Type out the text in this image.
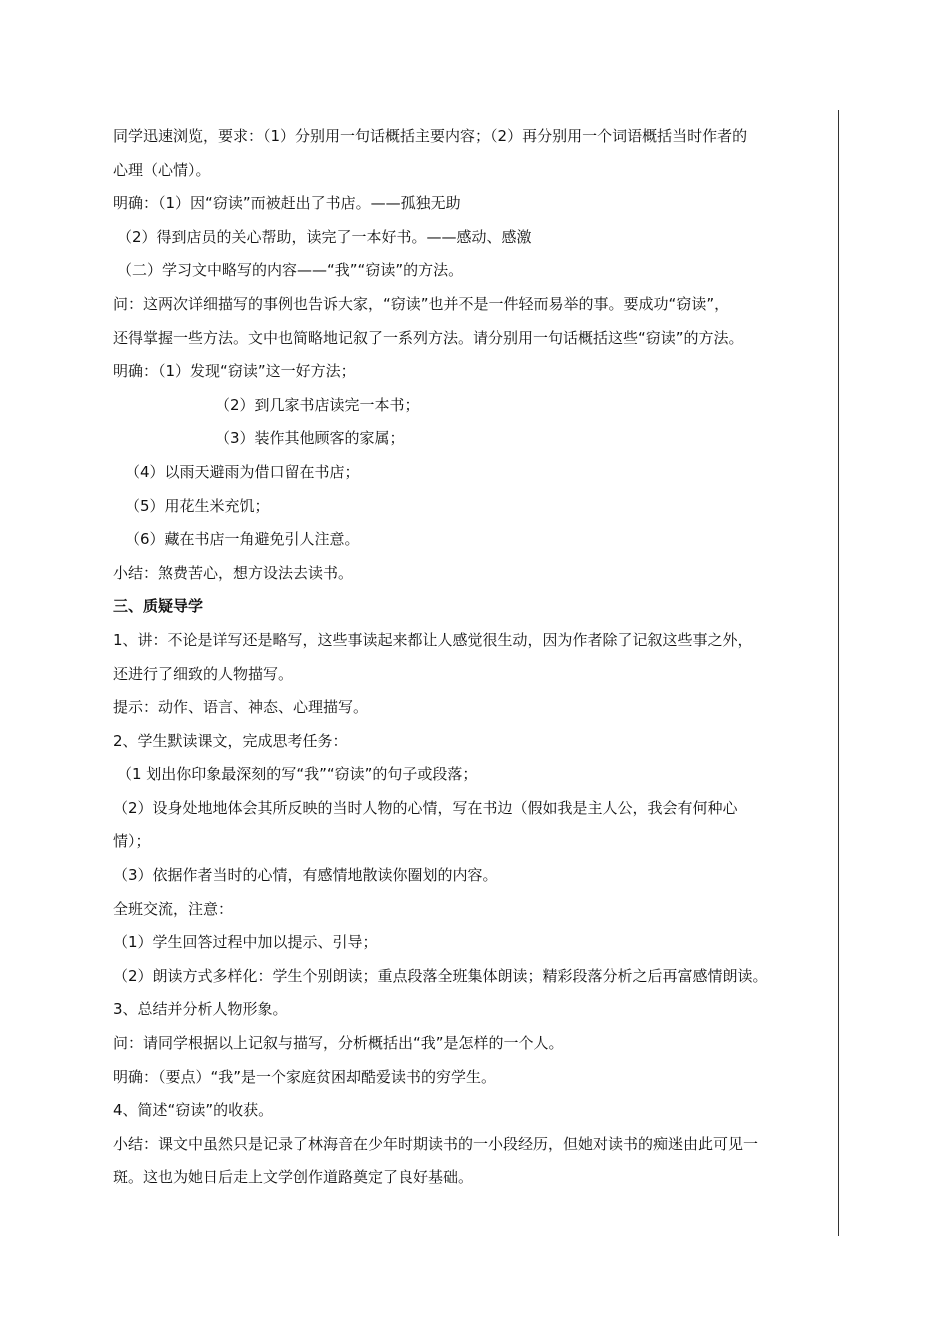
同学迅速浏览，要求：（1）分别用一句话概括主要内容；（2）再分别用一个词语概括当时作者的
心理（心情）。
明确：（1）因“窃读”而被赶出了书店。——孤独无助
（2）得到店员的关心帮助，读完了一本好书。——感动、感激
（二）学习文中略写的内容——“我”“窃读”的方法。
问：这两次详细描写的事例也告诉大家，“窃读”也并不是一件轻而易举的事。要成功“窃读”，
还得掌握一些方法。文中也简略地记叙了一系列方法。请分别用一句话概括这些“窃读”的方法。
明确：（1）发现“窃读”这一好方法；
（2）到几家书店读完一本书；
（3）装作其他顾客的家属；
（4）以雨天避雨为借口留在书店；
（5）用花生米充饥；
（6）藏在书店一角避免引人注意。
小结：煞费苦心，想方设法去读书。
三、质疑导学
1、讲：不论是详写还是略写，这些事读起来都让人感觉很生动，因为作者除了记叙这些事之外，
还进行了细致的人物描写。
提示：动作、语言、神态、心理描写。
2、学生默读课文，完成思考任务：
（1 划出你印象最深刻的写“我”“窃读”的句子或段落；
（2）设身处地地体会其所反映的当时人物的心情，写在书边（假如我是主人公，我会有何种心
情）；
（3）依据作者当时的心情，有感情地散读你圈划的内容。
全班交流，注意：
（1）学生回答过程中加以提示、引导；
（2）朗读方式多样化：学生个别朗读；重点段落全班集体朗读；精彩段落分析之后再富感情朗读。
3、总结并分析人物形象。
问：请同学根据以上记叙与描写，分析概括出“我”是怎样的一个人。
明确：（要点）“我”是一个家庭贫困却酷爱读书的穷学生。
4、简述“窃读”的收获。
小结：课文中虽然只是记录了林海音在少年时期读书的一小段经历，但她对读书的痴迷由此可见一
斑。这也为她日后走上文学创作道路奠定了良好基础。
